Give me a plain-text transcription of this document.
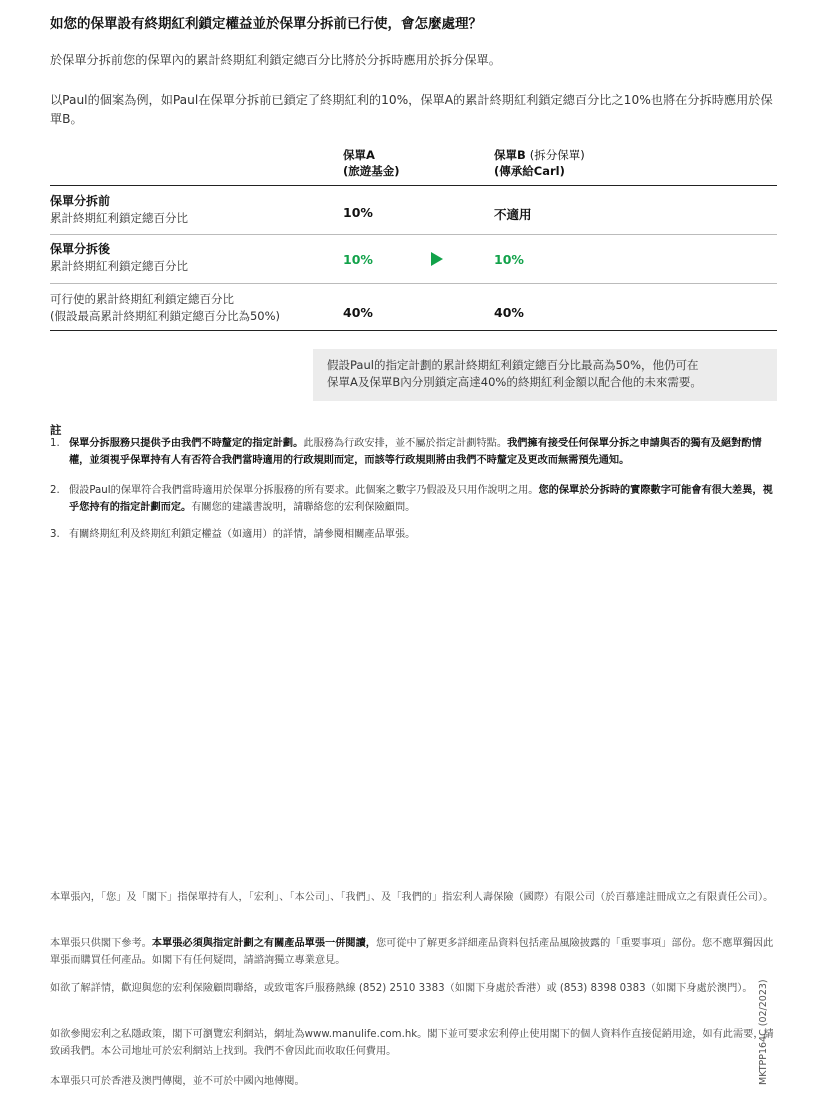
如您的保單設有終期紅利鎖定權益並於保單分拆前已行使，會怎麼處理？
於保單分拆前您的保單內的累計終期紅利鎖定總百分比將於分拆時應用於拆分保單。
以Paul的個案為例，如Paul在保單分拆前已鎖定了終期紅利的10%，保單A的累計終期紅利鎖定總百分比之10%也將在分拆時應用於保單B。
保單A
(旅遊基金)
保單B (拆分保單)
(傳承給Carl)
保單分拆前
累計終期紅利鎖定總百分比	10%	不適用
保單分拆後
累計終期紅利鎖定總百分比	10%	10%
可行使的累計終期紅利鎖定總百分比
(假設最高累計終期紅利鎖定總百分比為50%)	40%	40%
假設Paul的指定計劃的累計終期紅利鎖定總百分比最高為50%，他仍可在
保單A及保單B內分別鎖定高達40%的終期紅利金額以配合他的未來需要。
註
1. 保單分拆服務只提供予由我們不時釐定的指定計劃。此服務為行政安排，並不屬於指定計劃特點。我們擁有接受任何保單分拆之申請與否的獨有及絕對酌情權，並須視乎保單持有人有否符合我們當時適用的行政規則而定，而該等行政規則將由我們不時釐定及更改而無需預先通知。
2. 假設Paul的保單符合我們當時適用於保單分拆服務的所有要求。此個案之數字乃假設及只用作說明之用。您的保單於分拆時的實際數字可能會有很大差異，視乎您持有的指定計劃而定。有關您的建議書說明，請聯絡您的宏利保險顧問。
3. 有關終期紅利及終期紅利鎖定權益（如適用）的詳情，請參閱相關產品單張。
本單張內，「您」及「閣下」指保單持有人，「宏利」、「本公司」、「我們」、及「我們的」指宏利人壽保險（國際）有限公司（於百慕達註冊成立之有限責任公司）。
本單張只供閣下參考。本單張必須與指定計劃之有關產品單張一併閱讀，您可從中了解更多詳細產品資料包括產品風險披露的「重要事項」部份。您不應單獨因此單張而購買任何產品。如閣下有任何疑問，請諮詢獨立專業意見。
如欲了解詳情，歡迎與您的宏利保險顧問聯絡，或致電客戶服務熱線 (852) 2510 3383（如閣下身處於香港）或 (853) 8398 0383（如閣下身處於澳門）。
如欲參閱宏利之私隱政策，閣下可瀏覽宏利網站，網址為www.manulife.com.hk。閣下並可要求宏利停止使用閣下的個人資料作直接促銷用途，如有此需要，請致函我們。本公司地址可於宏利網站上找到。我們不會因此而收取任何費用。
本單張只可於香港及澳門傳閱，並不可於中國內地傳閱。	MKTPP164C (02/2023)
